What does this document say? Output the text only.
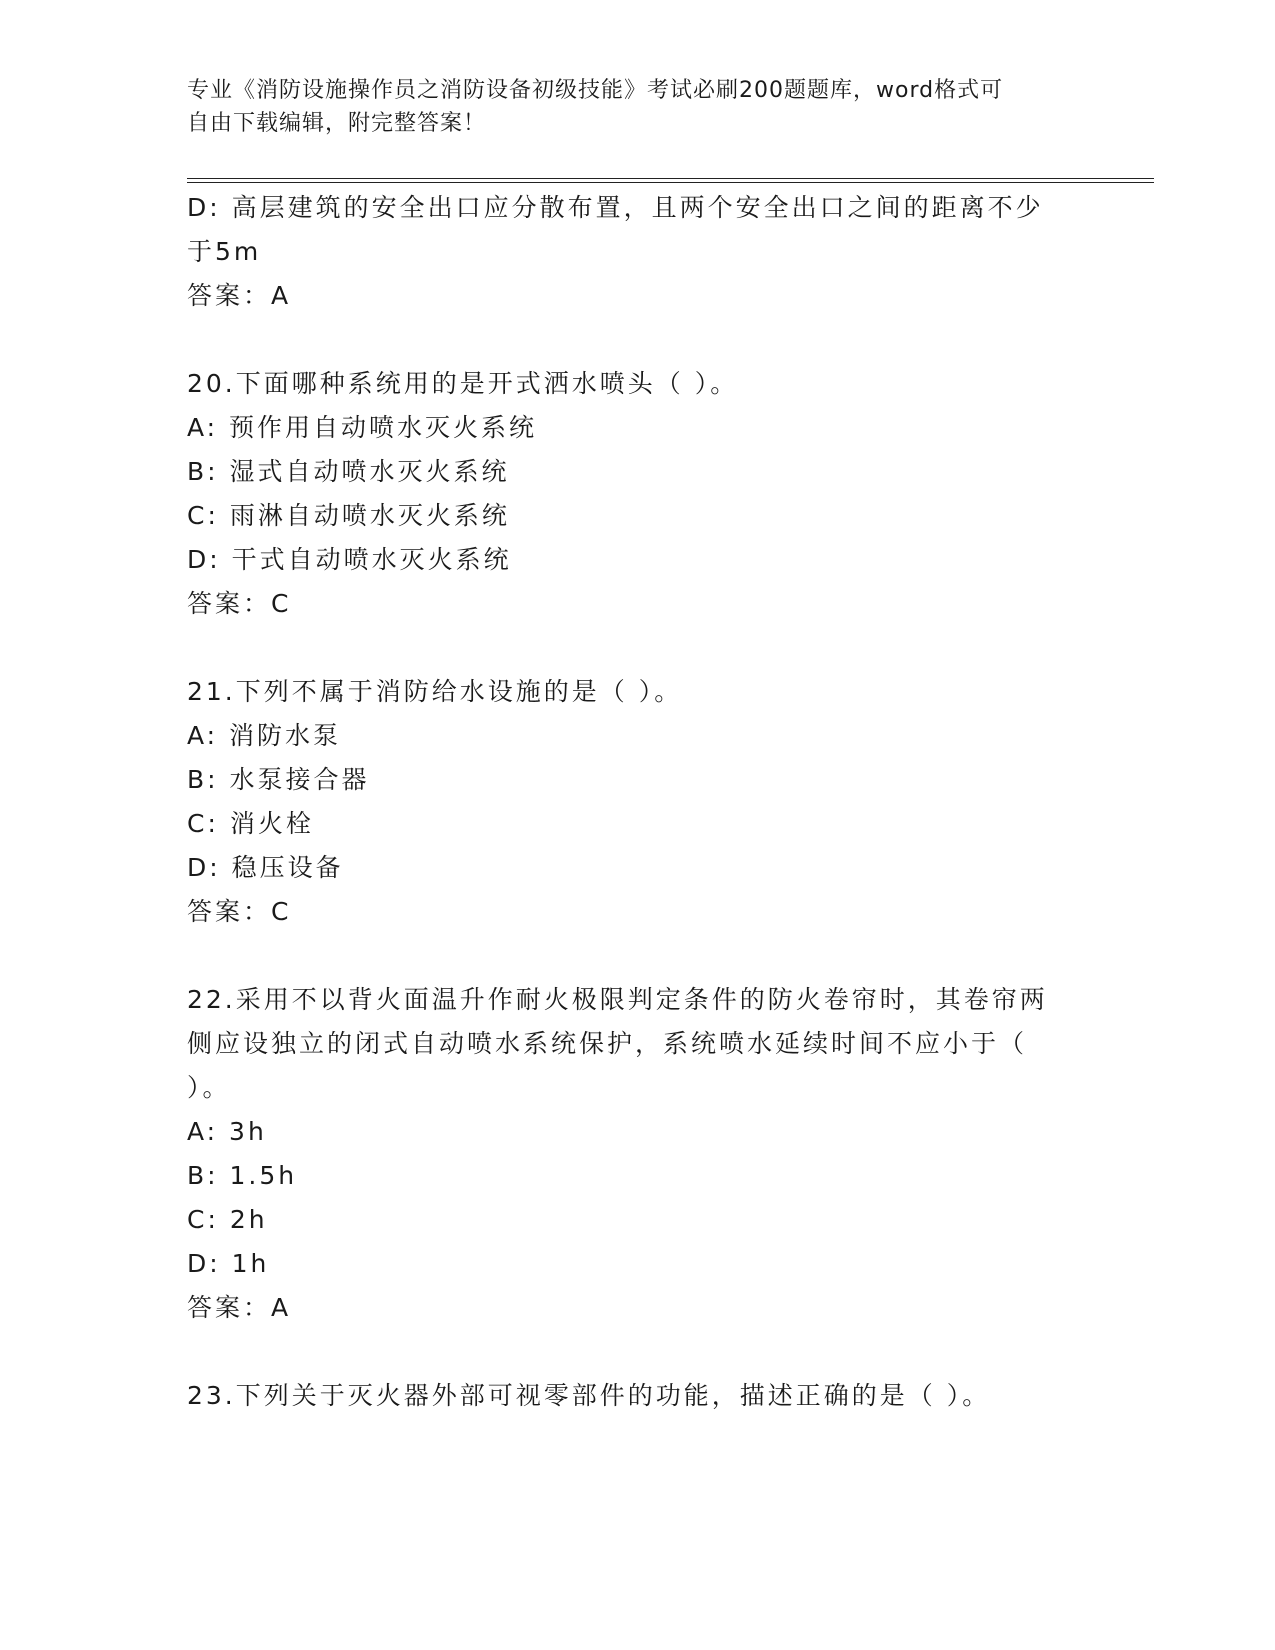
专业《消防设施操作员之消防设备初级技能》考试必刷200题题库，word格式可
自由下载编辑，附完整答案！
D: 高层建筑的安全出口应分散布置，且两个安全出口之间的距离不少
于5m
答案：A
20.下面哪种系统用的是开式洒水喷头（ ）。
A: 预作用自动喷水灭火系统
B: 湿式自动喷水灭火系统
C: 雨淋自动喷水灭火系统
D: 干式自动喷水灭火系统
答案：C
21.下列不属于消防给水设施的是（ ）。
A: 消防水泵
B: 水泵接合器
C: 消火栓
D: 稳压设备
答案：C
22.采用不以背火面温升作耐火极限判定条件的防火卷帘时，其卷帘两
侧应设独立的闭式自动喷水系统保护，系统喷水延续时间不应小于（
）。
A: 3h
B: 1.5h
C: 2h
D: 1h
答案：A
23.下列关于灭火器外部可视零部件的功能，描述正确的是（ ）。
